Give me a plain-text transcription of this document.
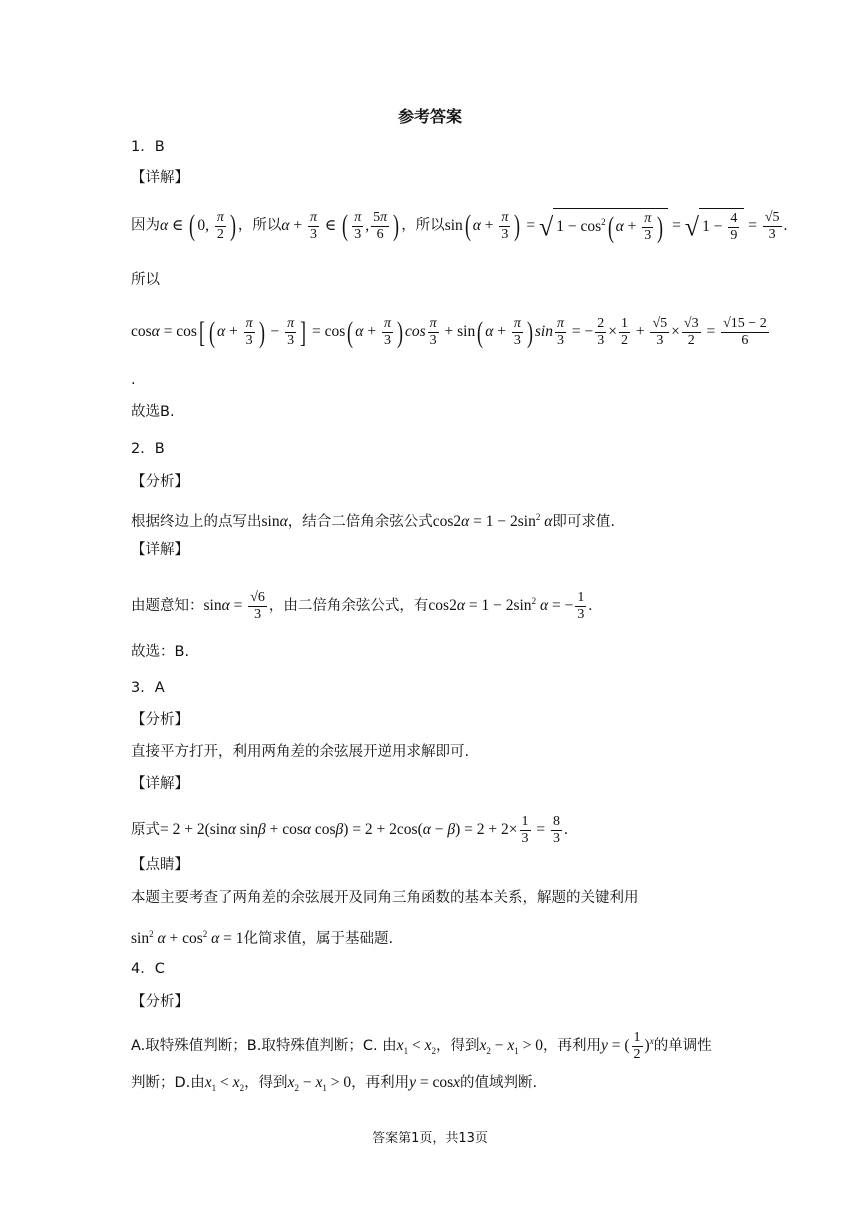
参考答案
1．B
【详解】
因为α ∈ ( 0, $\frac{\pi}{2}$ ) ，所以$\alpha + \frac{\pi}{3}$ ∈ ( $\frac{\pi}{3}$ , $\frac{5\pi}{6}$ ) ，所以sin( $\alpha + \frac{\pi}{3}$ ) = √ $1 - \cos^2$( $\alpha + \frac{\pi}{3}$ ) = √ $1 - \frac{4}{9} = \frac{√5}{3}$ .
所以
cosα = cos[ ( $\alpha + \frac{\pi}{3}$ ) − $\frac{\pi}{3}$ ] = cos( $\alpha + \frac{\pi}{3}$ ) $\cos \frac{\pi}{3} + \sin$( $\alpha + \frac{\pi}{3}$ ) $\sin \frac{\pi}{3}$ = − $\frac{2}{3} \times \frac{1}{2} + \frac{√5}{3} \times \frac{√3}{2} = \frac{√15 - 2}{6}$
.
故选B.
2．B
【分析】
根据终边上的点写出sinα，结合二倍角余弦公式$\cos 2\alpha = 1 - 2\sin^2$ α即可求值.
【详解】
由题意知：$\sin\alpha = \frac{√6}{3}$ ，由二倍角余弦公式，有$\cos 2\alpha = 1 - 2\sin^2$ α = − $\frac{1}{3}$ .
故选：B.
3．A
【分析】
直接平方打开，利用两角差的余弦展开逆用求解即可.
【详解】
原式= 2 + 2(sinα sinβ + cosα $\cos\beta) = 2 + 2\cos(\alpha - \beta) = 2 + 2\times \frac{1}{3} = \frac{8}{3}$ .
【点睛】
本题主要考查了两角差的余弦展开及同角三角函数的基本关系，解题的关键利用
$\sin^2 \alpha + \cos^2 \alpha = 1$化简求值，属于基础题.
4．C
【分析】
A.取特殊值判断；B.取特殊值判断；C. 由$x_1 < x_2$，得到$x_2 - x_1 > 0$，再利用y = ( $\frac{1}{2} )^x$的单调性
判断；D.由$x_1 < x_2$，得到$x_2 - x_1 > 0$，再利用y = cosx的值域判断.
答案第1页，共13页
